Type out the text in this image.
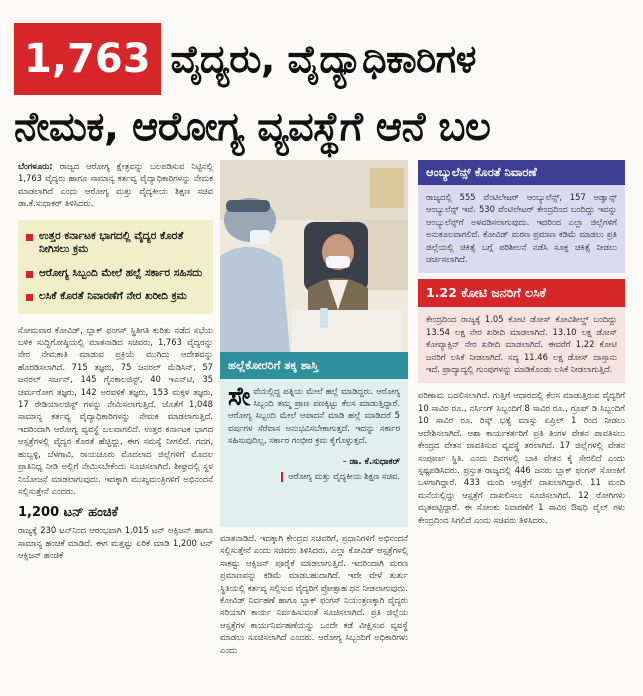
1,763 ವೈದ್ಯರು, ವೈದ್ಯಾಧಿಕಾರಿಗಳ
ನೇಮಕ, ಆರೋಗ್ಯ ವ್ಯವಸ್ಥೆಗೆ ಆನೆ ಬಲ

ಬೆಂಗಳೂರು: ರಾಜ್ಯದ ಆರೋಗ್ಯ ಕ್ಷೇತ್ರವನ್ನು ಬಲಪಡಿಸುವ ನಿಟ್ಟಿನಲ್ಲಿ 1,763 ವೈದ್ಯರು ಹಾಗೂ ಸಾಮಾನ್ಯ ಕರ್ತವ್ಯ ವೈದ್ಯಾಧಿಕಾರಿಗಳನ್ನು ನೇಮಕ ಮಾಡಲಾಗಿದೆ ಎಂದು ಆರೋಗ್ಯ ಮತ್ತು ವೈದ್ಯಕೀಯ ಶಿಕ್ಷಣ ಸಚಿವ ಡಾ.ಕೆ.ಸುಧಾಕರ್ ತಿಳಿಸಿದರು.

ಉತ್ತರ ಕರ್ನಾಟಕ ಭಾಗದಲ್ಲಿ ವೈದ್ಯರ ಕೊರತೆ ನೀಗಿಸಲು ಕ್ರಮ
ಆರೋಗ್ಯ ಸಿಬ್ಬಂದಿ ಮೇಲೆ ಹಲ್ಲೆ ಸರ್ಕಾರ ಸಹಿಸದು
ಲಸಿಕೆ ಕೊರತೆ ನಿವಾರಣೆಗೆ ನೇರ ಖರೀದಿ ಕ್ರಮ

ಸೋಮವಾರ ಕೋವಿಡ್, ಬ್ಲಾಕ್ ಫಂಗಸ್ ಸ್ಥಿತಿಗತಿ ಕುರಿತು ನಡೆದ ಸಭೆಯ ಬಳಿಕ ಸುದ್ದಿಗೋಷ್ಠಿಯಲ್ಲಿ ಮಾತನಾಡಿದ ಸಚಿವರು, 1,763 ವೈದ್ಯರನ್ನು ನೇರ ನೇಮಕಾತಿ ಮಾಡುವ ಪ್ರಕ್ರಿಯೆ ಮುಗಿದು ಆದೇಶವನ್ನು ಹೊರಡಿಸಲಾಗಿದೆ. 715 ತಜ್ಞರು, 75 ಜನರಲ್ ಮೆಡಿಸಿನ್, 57 ಜನರಲ್ ಸರ್ಜನ್, 145 ಗೈನಕಾಲಜಿಸ್ಟ್, 40 ಇಎನ್‌ಟಿ, 35 ಚರ್ಮರೋಗ ತಜ್ಞರು, 142 ಅರವಳಿಕೆ ತಜ್ಞರು, 153 ಮಕ್ಕಳ ತಜ್ಞರು, 17 ರೇಡಿಯಾಲಜಿಸ್ಟ್ ಗಳನ್ನು ನೇಮಿಸಲಾಗುತ್ತಿದೆ. ಜೊತೆಗೆ 1,048 ಸಾಮಾನ್ಯ ಕರ್ತವ್ಯ ವೈದ್ಯಾಧಿಕಾರಿಗಳನ್ನು ನೇಮಕ ಮಾಡಲಾಗುತ್ತಿದೆ. ಇದರಿಂದಾಗಿ ಆರೋಗ್ಯ ವ್ಯವಸ್ಥೆ ಬಲವಾಗಲಿದೆ. ಉತ್ತರ ಕರ್ನಾಟಕ ಭಾಗದ ಆಸ್ಪತ್ರೆಗಳಲ್ಲಿ ವೈದ್ಯರ ಕೊರತೆ ಹೆಚ್ಚಿದ್ದು, ಈಗ ಸಮಸ್ಯೆ ನೀಗಲಿದೆ. ಗದಗ, ಹುಬ್ಬಳ್ಳಿ, ಬೆಳಗಾವಿ, ರಾಯಚೂರು ಮೊದಲಾದ ಜಿಲ್ಲೆಗಳಿಗೆ ಮೊದಲ ಪ್ರಾತಿನಿಧ್ಯ ನೀಡಿ ಅಲ್ಲಿಗೆ ನೇಮಿಸಬೇಕೆಂದು ಸೂಚಿಸಲಾಗಿದೆ. ಶೀಘ್ರದಲ್ಲಿ ಸ್ಥಳ ನಿಯೋಜನೆ ಮಾಡಲಾಗುವುದು. ಇದಕ್ಕಾಗಿ ಮುಖ್ಯಮಂತ್ರಿಗಳಿಗೆ ಅಭಿನಂದನೆ ಸಲ್ಲಿಸುತ್ತೇನೆ ಎಂದರು.

1,200 ಟನ್ ಹಂಚಿಕೆ

ರಾಜ್ಯಕ್ಕೆ 230 ಟನ್‌ನಿಂದ ಆರಂಭವಾಗಿ 1,015 ಟನ್ ಆಕ್ಸಿಜನ್ ಹಾಗೂ ಸಾಮಾನ್ಯ ಹಂಚಿಕೆ ಮಾಡಿದೆ. ಈಗ ಮತ್ತಷ್ಟು ಏರಿಕೆ ಮಾಡಿ 1,200 ಟನ್ ಆಕ್ಸಿಜನ್ ಹಂಚಿಕೆ

ಹಲ್ಲೆಕೋರರಿಗೆ ತಕ್ಕ ಶಾಸ್ತಿ
ಸೇ ವೆಯಲ್ಲಿದ್ದ ಪತ್ನಿಯ ಮೇಲೆ ಹಲ್ಲೆ ಮಾಡಿದ್ದರು. ಆರೋಗ್ಯ ಸಿಬ್ಬಂದಿ ತಮ್ಮ ಪ್ರಾಣ ಪಣಕ್ಕಿಟ್ಟು ಕೆಲಸ ಮಾಡುತ್ತಿದ್ದಾರೆ. ಆರೋಗ್ಯ ಸಿಬ್ಬಂದಿ ಮೇಲೆ ಆಪಾದನೆ ಮಾಡಿ ಹಲ್ಲೆ ಮಾಡಿದರೆ 5 ವರ್ಷಗಳ ಸೆರೆವಾಸ ಅನುಭವಿಸಬೇಕಾಗುತ್ತದೆ. ಇದನ್ನು ಸರ್ಕಾರ ಸಹಿಸುವುದಿಲ್ಲ, ಸರ್ಕಾರ ಗಂಭೀರ ಕ್ರಮ ಕೈಗೊಳ್ಳುತ್ತದೆ.
- ಡಾ. ಕೆ.ಸುಧಾಕರ್
ಆರೋಗ್ಯ ಮತ್ತು ವೈದ್ಯಕೀಯ ಶಿಕ್ಷಣ ಸಚಿವ.

ಮಾತನಾಡಿದೆ. ಇದಕ್ಕಾಗಿ ಕೇಂದ್ರದ ಸಚಿವರಿಗೆ, ಪ್ರಧಾನಿಗಳಿಗೆ ಅಭಿನಂದನೆ ಸಲ್ಲಿಸುತ್ತೇನೆ ಎಂದು ಸಚಿವರು ತಿಳಿಸಿದರು. ಎಲ್ಲಾ ಕೋವಿಡ್ ಆಸ್ಪತ್ರೆಗಳಲ್ಲಿ ಸಾಕಷ್ಟು ಆಕ್ಸಿಜನ್ ಪೂರೈಕೆ ಮಾಡಲಾಗುತ್ತಿದೆ. ಇದರಿಂದಾಗಿ ಮರಣ ಪ್ರಮಾಣವನ್ನು ಕಡಿಮೆ ಮಾಡಬಹುದಾಗಿದೆ. ಇದೇ ವೇಳೆ ತುರ್ತು ಸ್ಥಿತಿಯಲ್ಲಿ ಕರ್ತವ್ಯ ಸಲ್ಲಿಸುವ ವೈದ್ಯರಿಗೆ ಪ್ರೋತ್ಸಾಹ ಧನ ನೀಡಲಾಗುವುದು. ಕೋವಿಡ್ ನಿರ್ವಹಣೆ ಹಾಗೂ ಬ್ಲಾಕ್ ಫಂಗಸ್ ನಿಯಂತ್ರಣಕ್ಕಾಗಿ ವೈದ್ಯರು ಸರಿಯಾಗಿ ಕಾರ್ಯ ನಿರ್ವಹಿಸುವಂತೆ ಸೂಚಿಸಲಾಗಿದೆ. ಪ್ರತಿ ಜಿಲ್ಲೆಯ ಆಸ್ಪತ್ರೆಗಳ ಕಾರ್ಯನಿರ್ವಹಣೆಯನ್ನು ಒಂದೇ ಕಡೆ ವೀಕ್ಷಿಸುವ ವ್ಯವಸ್ಥೆ ಮಾಡಲು ಸೂಚಿಸಲಾಗಿದೆ ಎಂದರು. ಆರೋಗ್ಯ ಸಿಬ್ಬಂದಿಗೆ ಅಧಿಕಾರಿಗಳು ಎಂದು

ಆಂಬ್ಯುಲೆನ್ಸ್ ಕೊರತೆ ನಿವಾರಣೆ

ರಾಜ್ಯದಲ್ಲಿ 555 ವೆಂಟಿಲೇಟರ್ ಆಂಬ್ಯುಲೆನ್ಸ್, 157 ಅಡ್ವಾನ್ಸ್ ಆಂಬ್ಯುಲೆನ್ಸ್ ಇವೆ. 530 ವೆಂಟಿಲೇಟರ್ ಕೇಂದ್ರದಿಂದ ಬಂದಿದ್ದು ಇವನ್ನು ಆಂಬ್ಯುಲೆನ್ಸ್‌ಗೆ ಅಳವಡಿಸಲಾಗುವುದು. ಇದರಿಂದ ಎಲ್ಲಾ ಜಿಲ್ಲೆಗಳಿಗೆ ಅನುಕೂಲವಾಗಲಿದೆ. ಕೋವಿಡ್ ಮರಣ ಪ್ರಮಾಣ ಕಡಿಮೆ ಮಾಡಲು ಪ್ರತಿ ಜಿಲ್ಲೆಯಲ್ಲಿ ಚಿಕಿತ್ಸೆ ಬಗ್ಗೆ ಪರಿಶೀಲನೆ ನಡೆಸಿ ಸೂಕ್ತ ಚಿಕಿತ್ಸೆ ನೀಡಲು ಚರ್ಚಿಸಲಾಗಿದೆ.

1.22 ಕೋಟಿ ಜನರಿಗೆ ಲಸಿಕೆ

ಕೇಂದ್ರದಿಂದ ರಾಜ್ಯಕ್ಕೆ 1.05 ಕೋಟಿ ಡೋಸ್ ಕೋವಿಶೀಲ್ಡ್ ಬಂದಿದ್ದು 13.54 ಲಕ್ಷ ನೇರ ಖರೀದಿ ಮಾಡಲಾಗಿದೆ. 13.10 ಲಕ್ಷ ಡೋಸ್ ಕೋವ್ಯಾಕ್ಸಿನ್ ನೇರ ಖರೀದಿ ಮಾಡಲಾಗಿದೆ. ಈವರೆಗೆ 1.22 ಕೋಟಿ ಜನರಿಗೆ ಲಸಿಕೆ ನೀಡಲಾಗಿದೆ. ಸದ್ಯ 11.46 ಲಕ್ಷ ಡೋಸ್ ದಾಸ್ತಾನು ಇದೆ. ಪ್ರಾದ್ಯಾದ್ಯಲ್ಲಿ ಗುಂಪುಗಳನ್ನು ಮಾಡಿಕೊಂಡು ಲಸಿಕೆ ನೀಡಲಾಗುತ್ತಿದೆ.

ಪರಿಣಾಮ ಬದಲಿಸಲಾಗಿದೆ. ಗುತ್ತಿಗೆ ಆಧಾರದಲ್ಲಿ ಕೆಲಸ ಮಾಡುತ್ತಿರುವ ವೈದ್ಯರಿಗೆ 10 ಸಾವಿರ ರೂ., ನರ್ಸಿಂಗ್ ಸಿಬ್ಬಂದಿಗೆ 8 ಸಾವಿರ ರೂ., ಗ್ರೂಪ್ ಡಿ ಸಿಬ್ಬಂದಿಗೆ 10 ಸಾವಿರ ರೂ. ರಿಸ್ಕ್ ಭತ್ಯೆ ಮಾಸ್ಸು ಏಪ್ರಿಲ್ 1 ರಿಂದ ನೀಡಲು ಆದೇಶಿಸಲಾಗಿದೆ. ಆಶಾ ಕಾರ್ಯಕರ್ತರಿಗೆ ಪ್ರತಿ ತಿಂಗಳ ವೇತನ ಪಾವತಿಸಲು ಕೇಂದ್ರದ ವೇತನ ಪಾವತಿಸುವ ವ್ಯವಸ್ಥೆ ತರಲಾಗಿದೆ. 17 ಜಿಲ್ಲೆಗಳಲ್ಲಿ ವೇತನ ಸಂಪೂರ್ಣ ಸ್ಥಿತಿ. ಎಂದು ದಿನಗಳಲ್ಲಿ ಬಾಕಿ ವೇತನ ಕೈ ಸೇರಲಿದೆ ಎಂದು ಸ್ಪಷ್ಟಪಡಿಸಿದರು. ಪ್ರಸ್ತುತ ರಾಜ್ಯದಲ್ಲಿ 446 ಜನರು ಬ್ಲಾಕ್ ಫಂಗಸ್ ಸೋಂಕಿಗೆ ಒಳಗಾಗಿದ್ದಾರೆ. 433 ಮಂದಿ ಆಸ್ಪತ್ರೆಗೆ ದಾಖಲಾಗಿದ್ದಾರೆ. 11 ಮಂದಿ ಮನೆಯಲ್ಲಿದ್ದು ಆಸ್ಪತ್ರೆಗೆ ದಾಖಲಿಸಲು ಸೂಚಿಸಲಾಗಿದೆ. 12 ರೋಗಿಗಳು ಮೃತಪಟ್ಟಿದ್ದಾರೆ. ಈ ಸೋಂಕು ನಿವಾರಣೆಗೆ 1 ಸಾವಿರ ಔಷಧಿ ವೈಲ್ ಗಳು ಕೇಂದ್ರದಿಂದ ಸಿಗಲಿದೆ ಎಂದು ಸಚಿವರು ತಿಳಿಸಿದರು.
